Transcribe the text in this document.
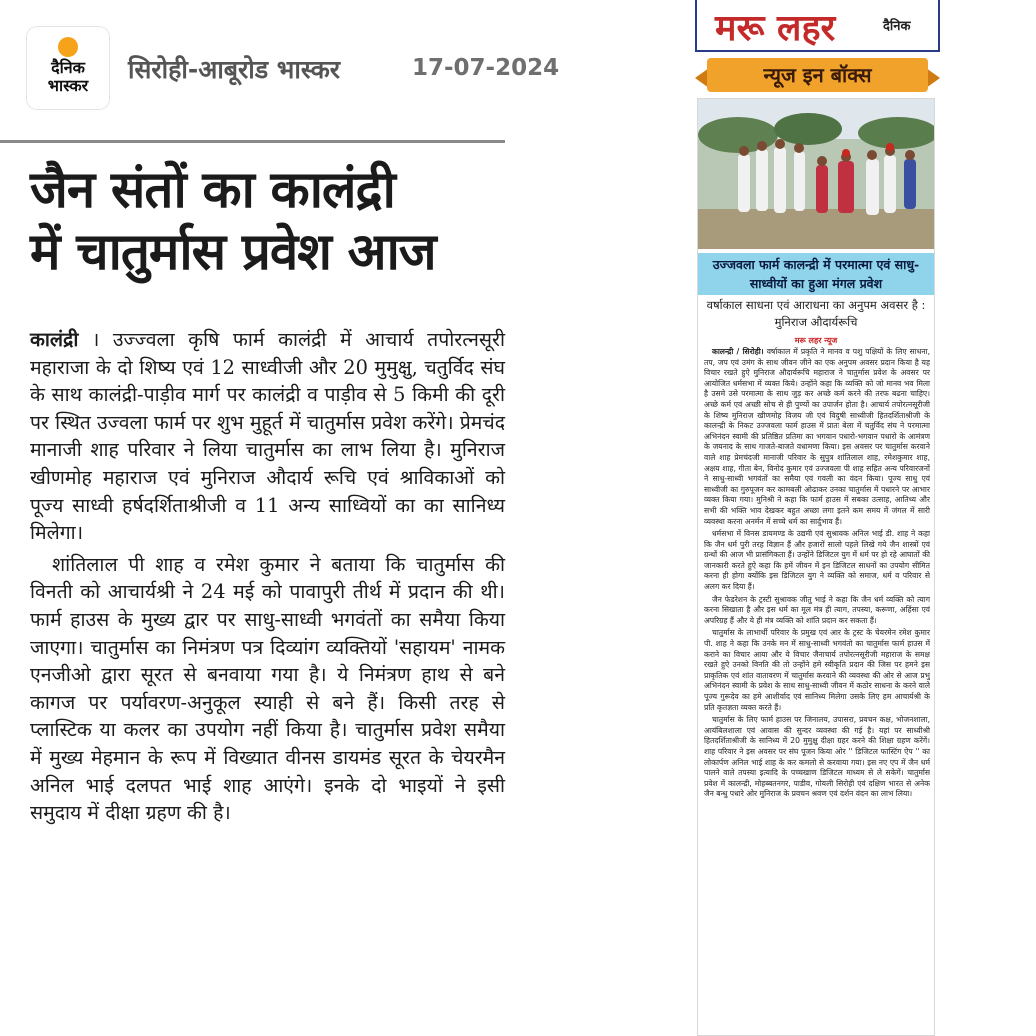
दैनिक
भास्कर
सिरोही-आबूरोड भास्कर	17-07-2024
जैन संतों का कालंद्री
में चातुर्मास प्रवेश आज

कालंद्री । उज्ज्वला कृषि फार्म कालंद्री में आचार्य तपोरत्नसूरी महाराजा के दो शिष्य एवं 12 साध्वीजी और 20 मुमुक्षु, चतुर्विद संघ के साथ कालंद्री-पाड़ीव मार्ग पर कालंद्री व पाड़ीव से 5 किमी की दूरी पर स्थित उज्वला फार्म पर शुभ मुहूर्त में चातुर्मास प्रवेश करेंगे। प्रेमचंद मानाजी शाह परिवार ने लिया चातुर्मास का लाभ लिया है। मुनिराज खीणमोह महाराज एवं मुनिराज औदार्य रूचि एवं श्राविकाओं को पूज्य साध्वी हर्षदर्शिताश्रीजी व 11 अन्य साध्वियों का का सानिध्य मिलेगा।

शांतिलाल पी शाह व रमेश कुमार ने बताया कि चातुर्मास की विनती को आचार्यश्री ने 24 मई को पावापुरी तीर्थ में प्रदान की थी। फार्म हाउस के मुख्य द्वार पर साधु-साध्वी भगवंतों का समैया किया जाएगा। चातुर्मास का निमंत्रण पत्र दिव्यांग व्यक्तियों 'सहायम' नामक एनजीओ द्वारा सूरत से बनवाया गया है। ये निमंत्रण हाथ से बने कागज पर पर्यावरण-अनुकूल स्याही से बने हैं। किसी तरह से प्लास्टिक या कलर का उपयोग नहीं किया है। चातुर्मास प्रवेश समैया में मुख्य मेहमान के रूप में विख्यात वीनस डायमंड सूरत के चेयरमैन अनिल भाई दलपत भाई शाह आएंगे। इनके दो भाइयों ने इसी समुदाय में दीक्षा ग्रहण की है।

मरू लहर	दैनिक
न्यूज इन बॉक्स
उज्जवला फार्म कालन्द्री में परमात्मा एवं साधु-साध्वीयों का हुआ मंगल प्रवेश
वर्षाकाल साधना एवं आराधना का अनुपम अवसर है : मुनिराज औदार्यरूचि
मरू लहर न्यूज

कालन्द्री / सिरोही। वर्षाकाल में प्रकृति ने मानव व पशु पक्षियों के लिए साधना, तप, जप एवं उमंग के साथ जीवन जीने का एक अनुपम अवसर प्रदान किया है यह विचार रखते हुऐ मुनिराज औदार्यरूचि महाराज ने चातुर्मास प्रवेश के अवसर पर आयोजित धर्मसभा में व्यक्त किये। उन्होंने कहा कि व्यक्ति को जो मानव भव मिला है उसमे उसे परमात्मा के साथ जुड़ कर अच्छे कर्म करने की तरफ बढना चाहिए। अच्छे कर्म एवं अच्छी सोच से ही पुण्यों का उपार्जन होता है। आचार्य तपोरत्नसूरीजी के शिष्य मुनिराज खीणमोह विजय जी एवं विदुषी साध्वीजी हितदर्शिताश्रीजी के कालन्द्री के निकट उज्जवला फार्म हाउस में प्रातः बेला में चतुर्विद संघ ने परमात्मा अभिनंदन स्वामी की प्रतिष्ठित प्रतिमा का भगवान पधारो-भगवान पधारो के आमंत्रण के जयनाद के साथ गाजते-बाजते वधामणा किया। इस अवसर पर चातुर्मास करवाने वाले शाह प्रेमचंदजी मानाजी परिवार के सुपुत्र शांतिलाल शाह, रमेशकुमार शाह, अक्षय शाह, गीता बेन, विनोद कुमार एवं उज्जवला पी शाह सहित अन्य परिवारजनों ने साधु-साध्वी भगवंतों का समैया एवं गवली का वंदन किया। पूज्य साधु एवं साध्वीजी का गुरुपूजन कर कामबली ओढाकर उनका चातुर्मास में पधारने पर आभार व्यक्त किया गया। मुनिश्री ने कहा कि फार्म हाउस में सबका उत्साह, आतिथ्य और सभी की भक्ति भाव देखकर बहुत अच्छा लगा इतने कम समय में जंगल में सारी व्यवस्था करना अनर्मन में सच्चे धर्म का सार्दुभाव हैं।

धर्मसभा में विनस डायमण्ड के उद्यमी एवं सुश्रावक अनिल भाई डी. शाह ने कहा कि जैन धर्म पुरी तरह विज्ञान हैं और हजारों सालो पहले लिखे गये जैन शास्त्रों एवं ग्रन्थों की आज भी प्रासंगिकता हैं। उन्होंने डिजिटल युग में धर्म पर हो रहे आघातों की जानकारी करते हुऐ कहा कि हमें जीवन में इन डिजिटल साधनों का उपयोग सीमित करना ही होगा क्योंकि इस डिजिटल युग ने व्यक्ति को समाज, धर्म व परिवार से अलग कर दिया हैं।

जैन फेडरेशन के ट्रस्टी सुश्रावक जीतु भाई ने कहा कि जैन धर्म व्यक्ति को त्याग करना सिखाता है और इस धर्म का मूल मंत्र ही त्याग, तपस्या, करूणा, अहिंसा एवं अपरिग्रह हैं और ये ही मंत्र व्यक्ति को शांति प्रदान कर सकता हैं।

चातुर्मास के लाभार्थी परिवार के प्रमुख एवं आर के ट्रस्ट के चेयरमेन रमेश कुमार पी. शाह ने कहा कि उनके मन में साधु-साध्वी भगवंतो का चातुर्मास फार्म हाउस में कराने का विचार आया और ये विचार जैनाचार्य तपोरत्नसूरीजी महाराज के समक्ष रखते हुऐ उनको विनति की तो उन्होंने हमे स्वीकृति प्रदान की जिस पर हमने इस प्राकृतिक एवं शांत वातावरण में चातुर्मास करवाने की व्यवस्था की ओर से आज प्रभु अभिनंदन स्वामी के प्रवेश के साथ साधु-साध्वी जीवन में कठोर साधना के करने वाले पूज्य गुरूदेव का हमे आशीर्वाद एवं सानिध्य मिलेगा उसके लिए हम आचार्यश्री के प्रति कृतज्ञता व्यक्त करते हैं।

चातुर्मास के लिए फार्म हाउस पर जिनालय, उपासरा, प्रवचन कक्ष, भोजनशाला, आयंबिलशाला एवं आवास की सुन्दर व्यवस्था की गई है। यहां पर साध्वीश्री हितदर्शिताश्रीजी के सानिध्य में 20 मुमुक्षु दीक्षा ग्रहर करने की शिक्षा ग्रहण करेंगें। शाह परिवार ने इस अवसर पर संघ पूजन किया ओर '' डिजिटल फास्टिंग ऐप '' का लोकार्पण अनिल भाई शाह के कर कमलो से करवाया गया। इस नए एप में जैन धर्म पालने वाले तपस्या इत्यादि के पच्चखाण डिजिटल माध्यम से ले सकेगें। चातुर्मास प्रवेश में कालन्द्री, मोहब्बतनगर, पाडीव, गोयली सिरोही एवं दक्षिण भारत से अनेक जैन बन्धु पधारे ओर मुनिराज के प्रवचन श्रवण एवं दर्शन वंदन का लाभ लिया।
